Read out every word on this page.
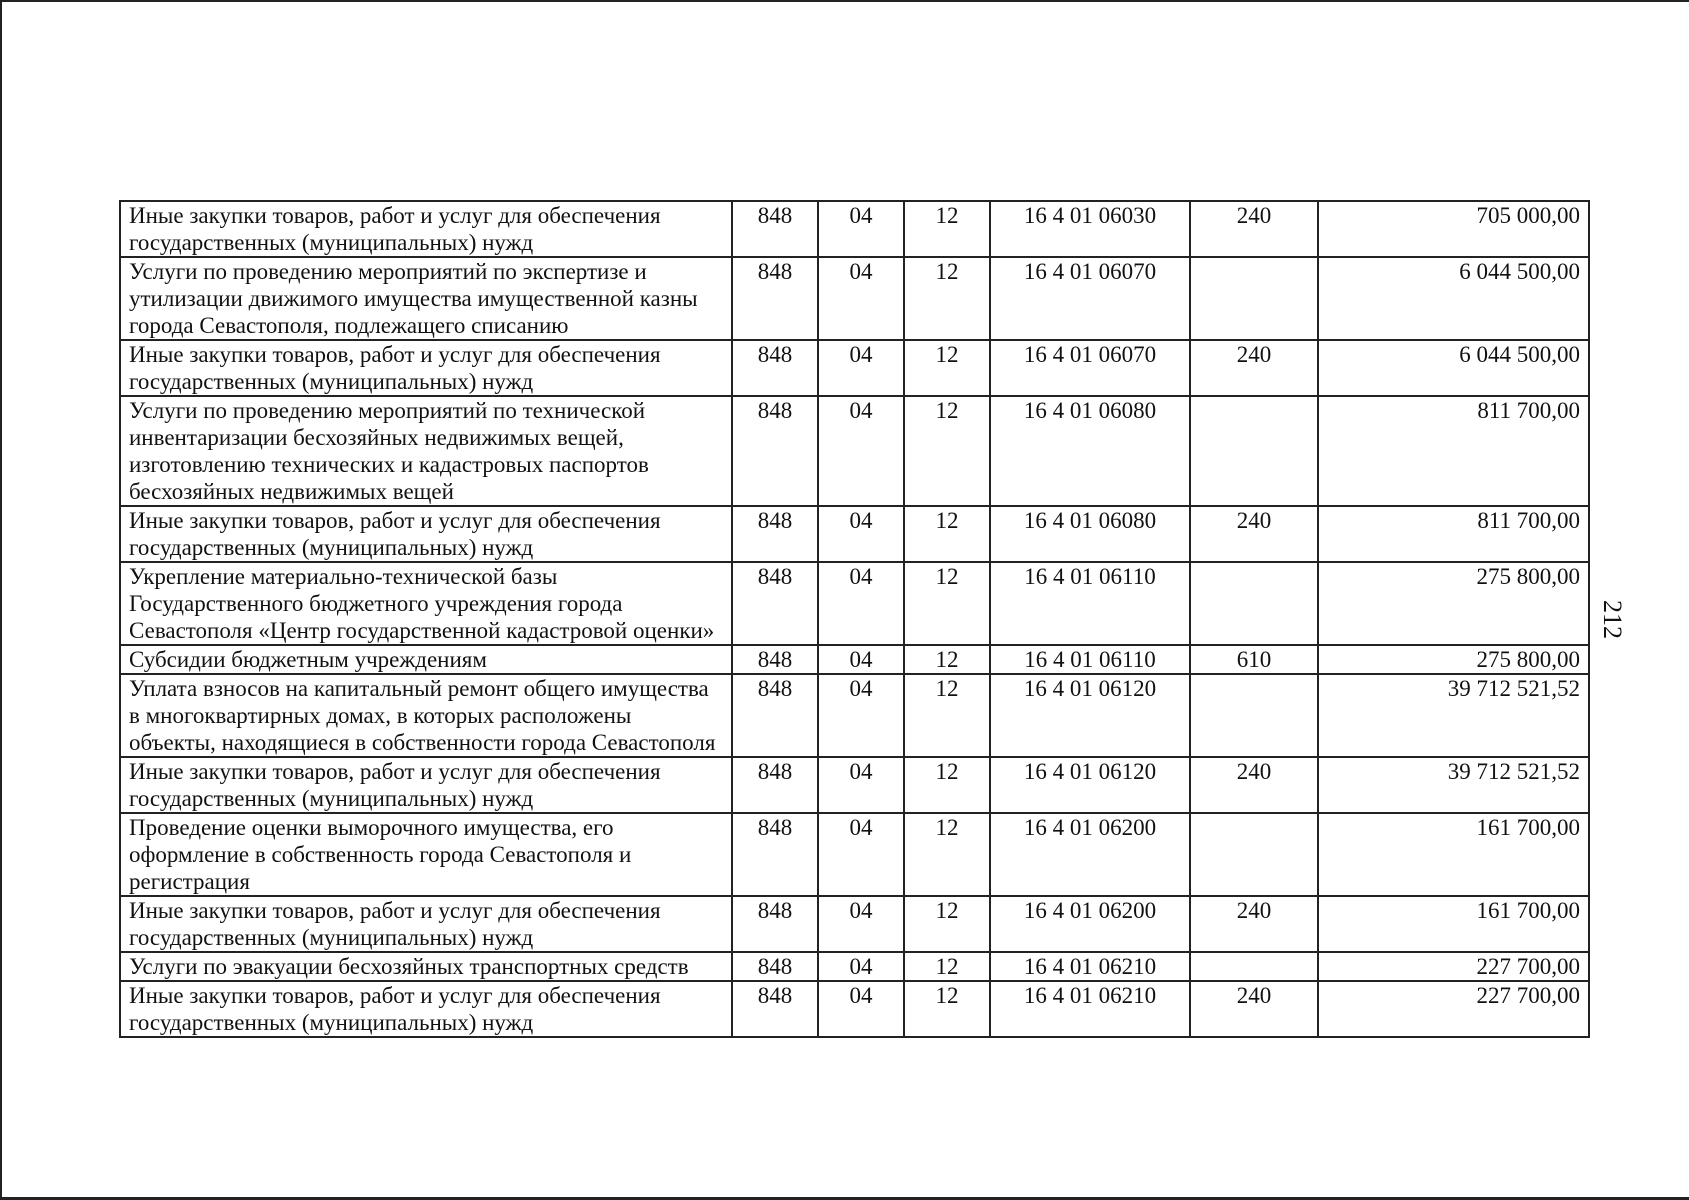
Иные закупки товаров, работ и услуг для обеспечения государственных (муниципальных) нужд	848	04	12	16 4 01 06030	240	705 000,00
Услуги по проведению мероприятий по экспертизе и утилизации движимого имущества имущественной казны города Севастополя, подлежащего списанию	848	04	12	16 4 01 06070		6 044 500,00
Иные закупки товаров, работ и услуг для обеспечения государственных (муниципальных) нужд	848	04	12	16 4 01 06070	240	6 044 500,00
Услуги по проведению мероприятий по технической инвентаризации бесхозяйных недвижимых вещей, изготовлению технических и кадастровых паспортов бесхозяйных недвижимых вещей	848	04	12	16 4 01 06080		811 700,00
Иные закупки товаров, работ и услуг для обеспечения государственных (муниципальных) нужд	848	04	12	16 4 01 06080	240	811 700,00
Укрепление материально-технической базы Государственного бюджетного учреждения города Севастополя «Центр государственной кадастровой оценки»	848	04	12	16 4 01 06110		275 800,00
Субсидии бюджетным учреждениям	848	04	12	16 4 01 06110	610	275 800,00
Уплата взносов на капитальный ремонт общего имущества в многоквартирных домах, в которых расположены объекты, находящиеся в собственности города Севастополя	848	04	12	16 4 01 06120		39 712 521,52
Иные закупки товаров, работ и услуг для обеспечения государственных (муниципальных) нужд	848	04	12	16 4 01 06120	240	39 712 521,52
Проведение оценки выморочного имущества, его оформление в собственность города Севастополя и регистрация	848	04	12	16 4 01 06200		161 700,00
Иные закупки товаров, работ и услуг для обеспечения государственных (муниципальных) нужд	848	04	12	16 4 01 06200	240	161 700,00
Услуги по эвакуации бесхозяйных транспортных средств	848	04	12	16 4 01 06210		227 700,00
Иные закупки товаров, работ и услуг для обеспечения государственных (муниципальных) нужд	848	04	12	16 4 01 06210	240	227 700,00
212
